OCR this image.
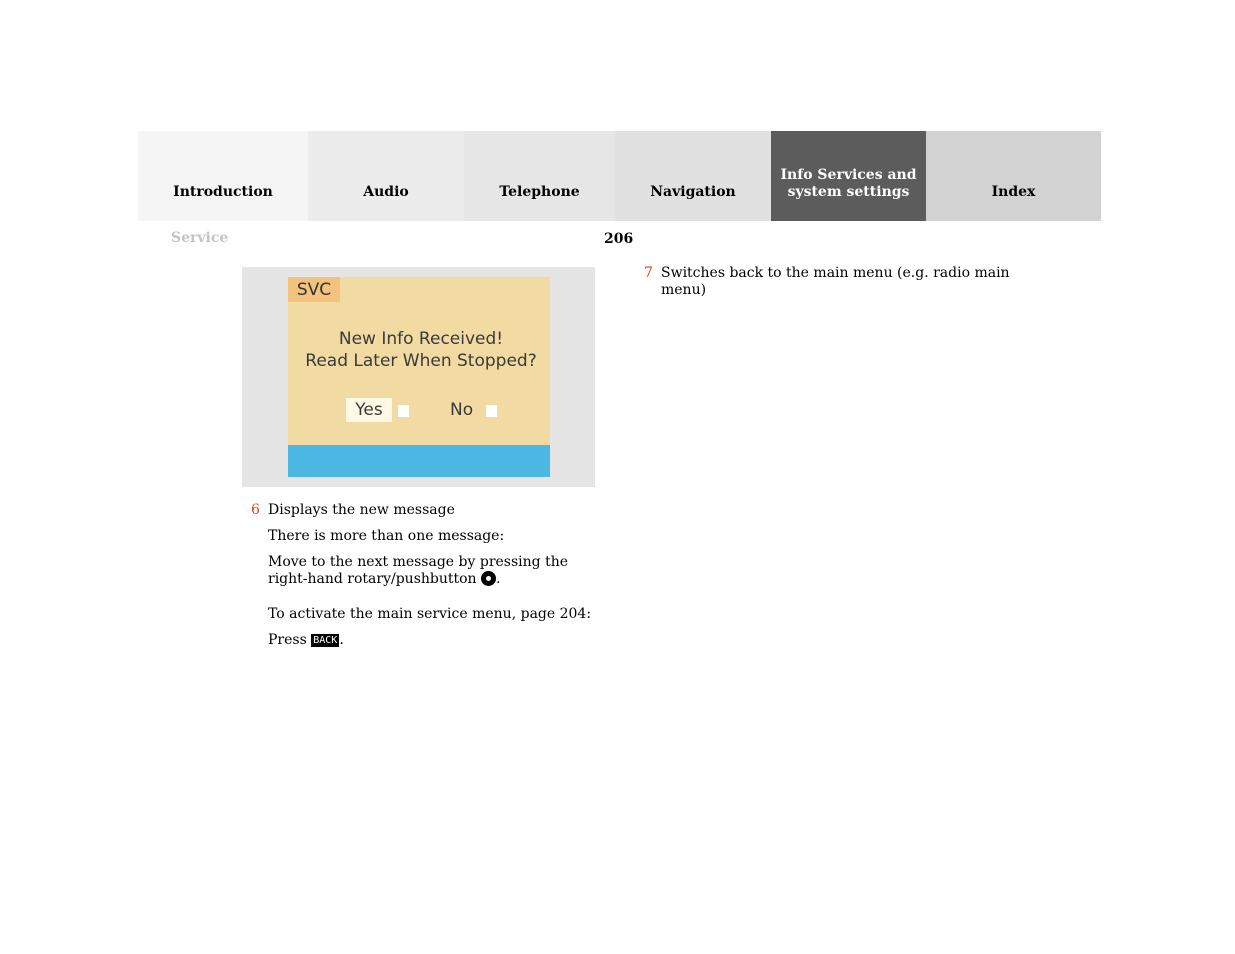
Introduction	Audio	Telephone	Navigation
Info Services and
system settings	Index
Service	206
SVC
New Info Received!
Read Later When Stopped?
Yes	No
6 Displays the new message
There is more than one message:
Move to the next message by pressing the
right-hand rotary/pushbutton .
To activate the main service menu, page 204:
Press BACK .
7 Switches back to the main menu (e.g. radio main
menu)
